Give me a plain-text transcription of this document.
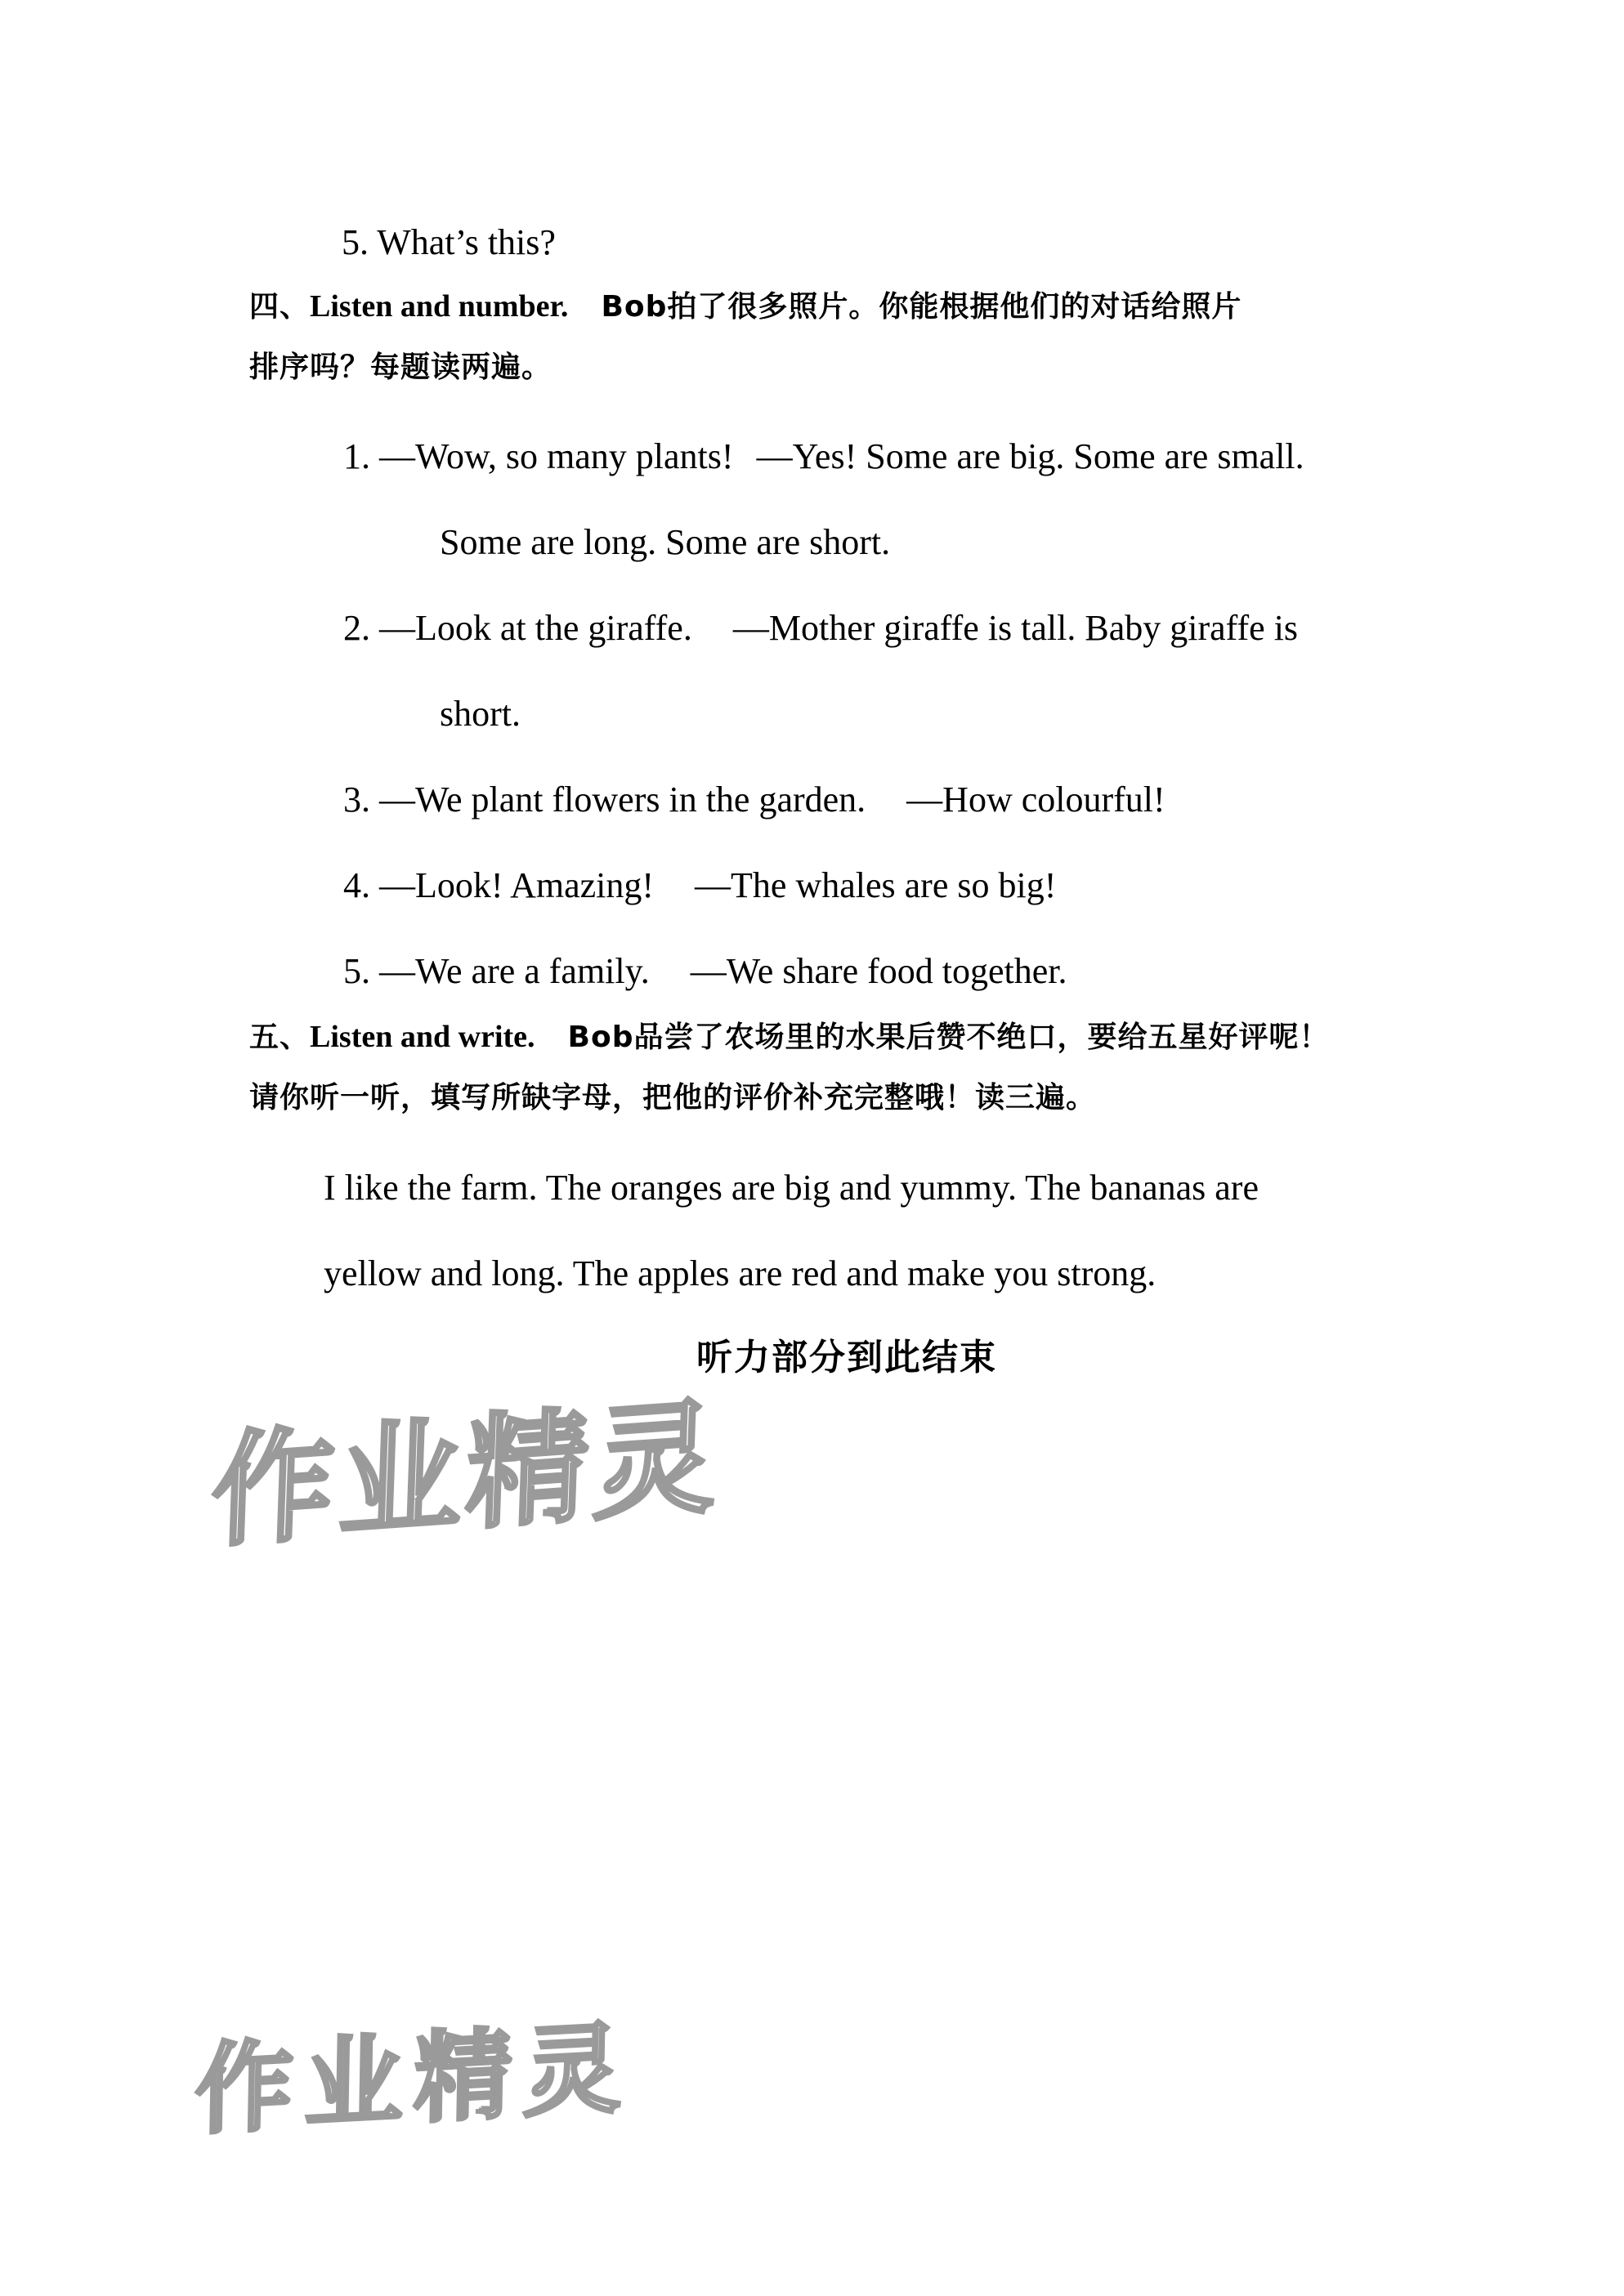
5. What’s this?
四、Listen and number. Bob拍了很多照片。你能根据他们的对话给照片
排序吗？每题读两遍。
1. —Wow, so many plants! —Yes! Some are big. Some are small.
Some are long. Some are short.
2. —Look at the giraffe. —Mother giraffe is tall. Baby giraffe is
short.
3. —We plant flowers in the garden. —How colourful!
4. —Look! Amazing! —The whales are so big!
5. —We are a family. —We share food together.
五、Listen and write. Bob品尝了农场里的水果后赞不绝口，要给五星好评呢！
请你听一听，填写所缺字母，把他的评价补充完整哦！读三遍。
I like the farm. The oranges are big and yummy. The bananas are
yellow and long. The apples are red and make you strong.
听力部分到此结束
作业精灵
作业精灵
